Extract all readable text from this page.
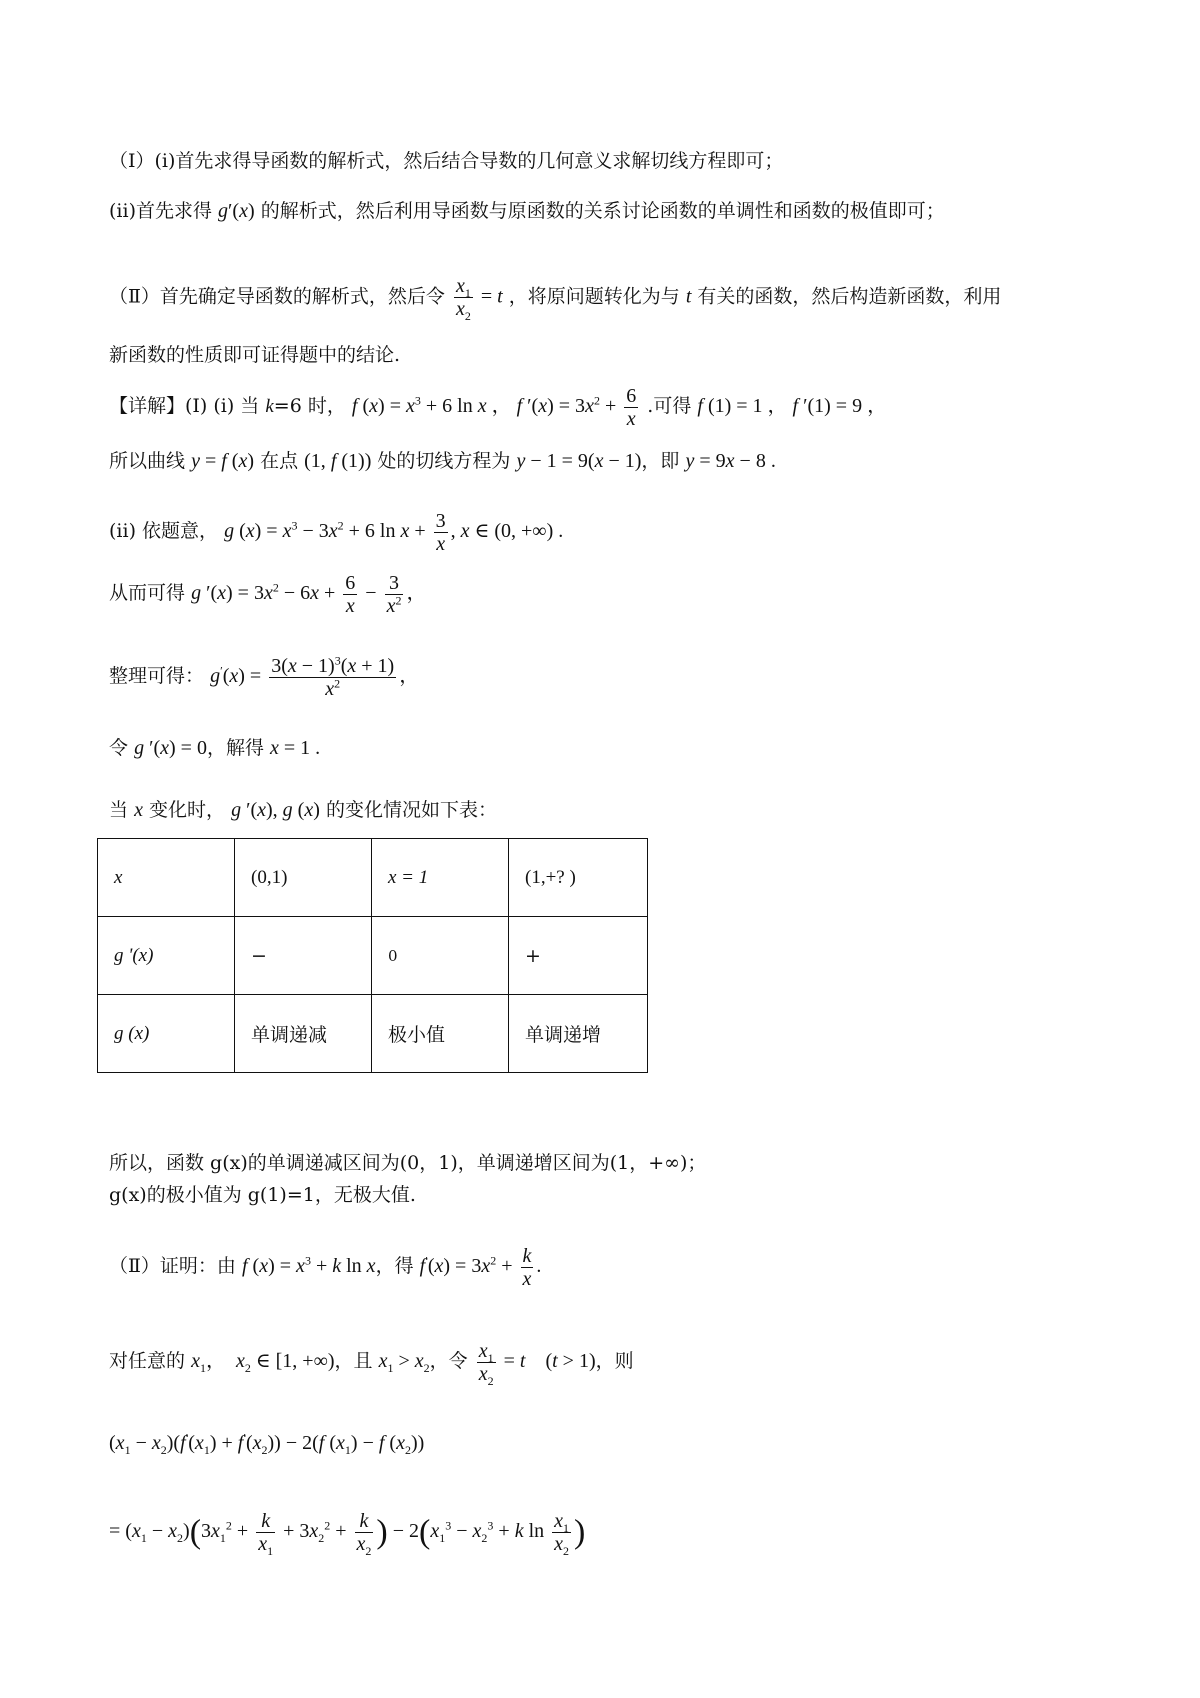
（Ⅰ）(i)首先求得导函数的解析式，然后结合导数的几何意义求解切线方程即可；
(ii)首先求得 g′(x) 的解析式，然后利用导函数与原函数的关系讨论函数的单调性和函数的极值即可；
（Ⅱ）首先确定导函数的解析式，然后令 $\frac{x_1}{x_2} = t$ ，将原问题转化为与 t 有关的函数，然后构造新函数，利用
新函数的性质即可证得题中的结论.
【详解】(Ⅰ) (i) 当 k=6 时， f $(x) = x^3 + 6$ ln x ， f $'(x) = 3x^2 + \frac{6}{x}$ .可得 f (1) = 1 ， f ′(1) = 9 ，
所以曲线 y = f (x) 在点 (1, f (1)) 处的切线方程为 y − 1 = 9(x − 1)，即 y = 9x − 8 .
(ii) 依题意， g $(x) = x^3 - 3x^2 + 6$ $\ln x + \frac{3}{x}$ , x ∈ (0, +∞) .
从而可得 g $'(x) = 3x^2 - 6x + \frac{6}{x} - \frac{3}{x^2}$ ，
整理可得： $g'(x) = \frac{3(x - 1)^3(x + 1)}{x^2}$ ，
令 g ′(x) = 0，解得 x = 1 .
当 x 变化时， g ′(x), g (x) 的变化情况如下表：
x	(0,1)	x = 1	(1,+? )
g '(x)	−	0	+
g (x)	单调递减	极小值	单调递增
所以，函数 g(x)的单调递减区间为(0，1)，单调递增区间为(1，+∞)；
g(x)的极小值为 g(1)=1，无极大值.
（Ⅱ）证明：由 f $(x) = x^3 + k$ ln x，得 $f'(x) = 3x^2 + \frac{k}{x}$ .
对任意的 $x_1$，  $x_2$ ∈ [1, +∞)，且 $x_1 > x_2$，令 $\frac{x_1}{x_2} = t$    (t > 1)，则
$(x_1 - x_2)(f'(x_1) + f'(x_2)) - 2(f$ $(x_1) - f$ $(x_2)$)
= $(x_1 - x_2)(3x_1^2 + \frac{k}{x_1} + 3x_2^2 + \frac{k}{x_2}$ ) − $2(x_1^3 - x_2^3 + k$ $\ln \frac{x_1}{x_2}$ )
